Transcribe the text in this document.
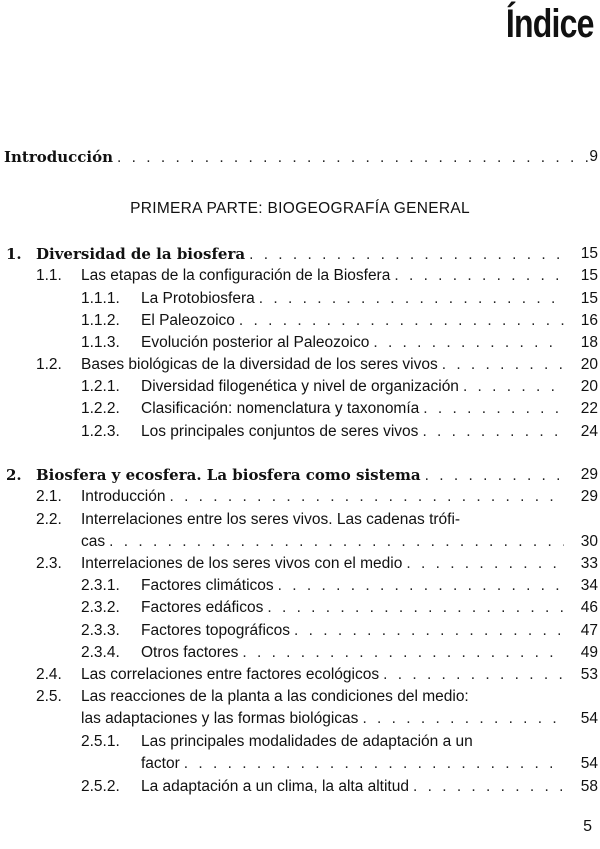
Índice
PRIMERA PARTE: BIOGEOGRAFÍA GENERAL
Introducción . . .	9
1. Diversidad de la biosfera . . .	15
1.1.	Las etapas de la configuración de la Biosfera . . .	15
1.1.1.	La Protobiosfera . . .	15
1.1.2.	El Paleozoico . . .	16
1.1.3.	Evolución posterior al Paleozoico . . .	18
1.2.	Bases biológicas de la diversidad de los seres vivos . . .	20
1.2.1.	Diversidad filogenética y nivel de organización . . .	20
1.2.2.	Clasificación: nomenclatura y taxonomía . . .	22
1.2.3.	Los principales conjuntos de seres vivos . . .	24
2. Biosfera y ecosfera. La biosfera como sistema . . .	29
2.1.	Introducción . . .	29
2.2. Interrelaciones entre los seres vivos. Las cadenas trófi-
cas . . .	30
2.3.	Interrelaciones de los seres vivos con el medio . . .	33
2.3.1.	Factores climáticos . . .	34
2.3.2.	Factores edáficos . . .	46
2.3.3.	Factores topográficos . . .	47
2.3.4.	Otros factores . . .	49
2.4.	Las correlaciones entre factores ecológicos . . .	53
2.5. Las reacciones de la planta a las condiciones del medio:
las adaptaciones y las formas biológicas . . .	54
2.5.1. Las principales modalidades de adaptación a un
factor . . .	54
2.5.2.	La adaptación a un clima, la alta altitud . . .	58
5
